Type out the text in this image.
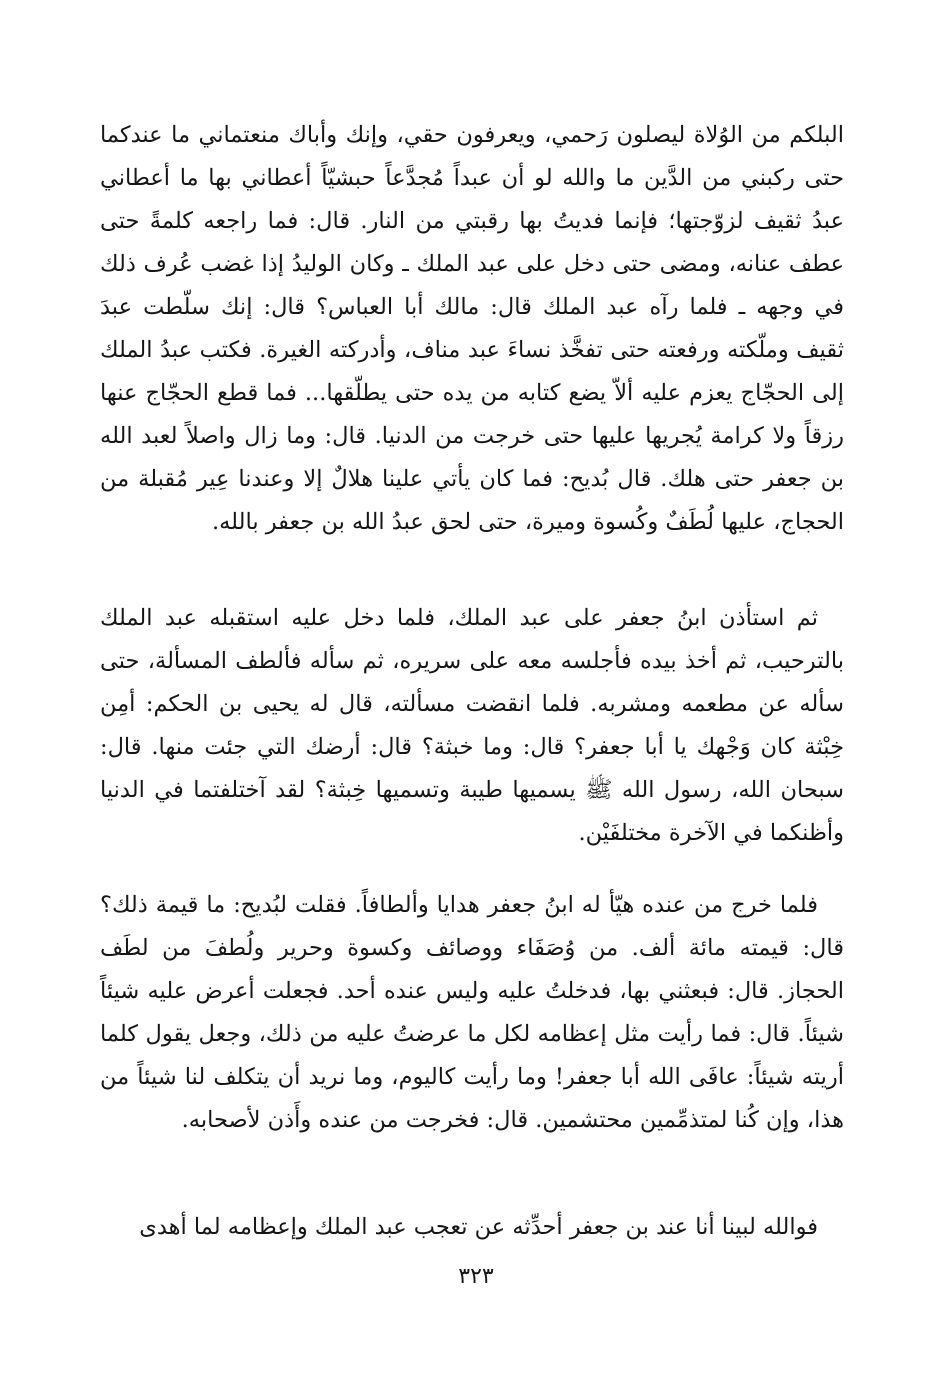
البلكم من الوُلاة ليصلون رَحمي، ويعرفون حقي، وإنك وأباك منعتماني ما عندكما حتى ركبني من الدَّين ما والله لو أن عبداً مُجدَّعاً حبشيّاً أعطاني بها ما أعطاني عبدُ ثقيف لزوّجتها؛ فإنما فديتُ بها رقبتي من النار. قال: فما راجعه كلمةً حتى عطف عنانه، ومضى حتى دخل على عبد الملك ـ وكان الوليدُ إذا غضب عُرف ذلك في وجهه ـ فلما رآه عبد الملك قال: مالك أبا العباس؟ قال: إنك سلّطت عبدَ ثقيف وملّكته ورفعته حتى تفخَّذ نساءَ عبد مناف، وأدركته الغيرة. فكتب عبدُ الملك إلى الحجّاج يعزم عليه ألاّ يضع كتابه من يده حتى يطلّقها... فما قطع الحجّاج عنها رزقاً ولا كرامة يُجريها عليها حتى خرجت من الدنيا. قال: وما زال واصلاً لعبد الله بن جعفر حتى هلك. قال بُديح: فما كان يأتي علينا هلالٌ إلا وعندنا عِير مُقبلة من الحجاج، عليها لُطَفٌ وكُسوة وميرة، حتى لحق عبدُ الله بن جعفر بالله.

ثم استأذن ابنُ جعفر على عبد الملك، فلما دخل عليه استقبله عبد الملك بالترحيب، ثم أخذ بيده فأجلسه معه على سريره، ثم سأله فألطف المسألة، حتى سأله عن مطعمه ومشربه. فلما انقضت مسألته، قال له يحيى بن الحكم: أمِن خِبْثة كان وَجْهك يا أبا جعفر؟ قال: وما خبثة؟ قال: أرضك التي جئت منها. قال: سبحان الله، رسول الله ﷺ يسميها طيبة وتسميها خِبثة؟ لقد آختلفتما في الدنيا وأظنكما في الآخرة مختلفَيْن.

فلما خرج من عنده هيّأ له ابنُ جعفر هدايا وألطافاً. فقلت لبُديح: ما قيمة ذلك؟ قال: قيمته مائة ألف. من وُصَفَاء ووصائف وكسوة وحرير ولُطفَ من لطَف الحجاز. قال: فبعثني بها، فدخلتُ عليه وليس عنده أحد. فجعلت أعرض عليه شيئاً شيئاً. قال: فما رأيت مثل إعظامه لكل ما عرضتُ عليه من ذلك، وجعل يقول كلما أريته شيئاً: عافَى الله أبا جعفر! وما رأيت كاليوم، وما نريد أن يتكلف لنا شيئاً من هذا، وإن كُنا لمتذمِّمين محتشمين. قال: فخرجت من عنده وأَذن لأصحابه.

فوالله لبينا أنا عند بن جعفر أحدِّثه عن تعجب عبد الملك وإعظامه لما أهدى

٣٢٣
